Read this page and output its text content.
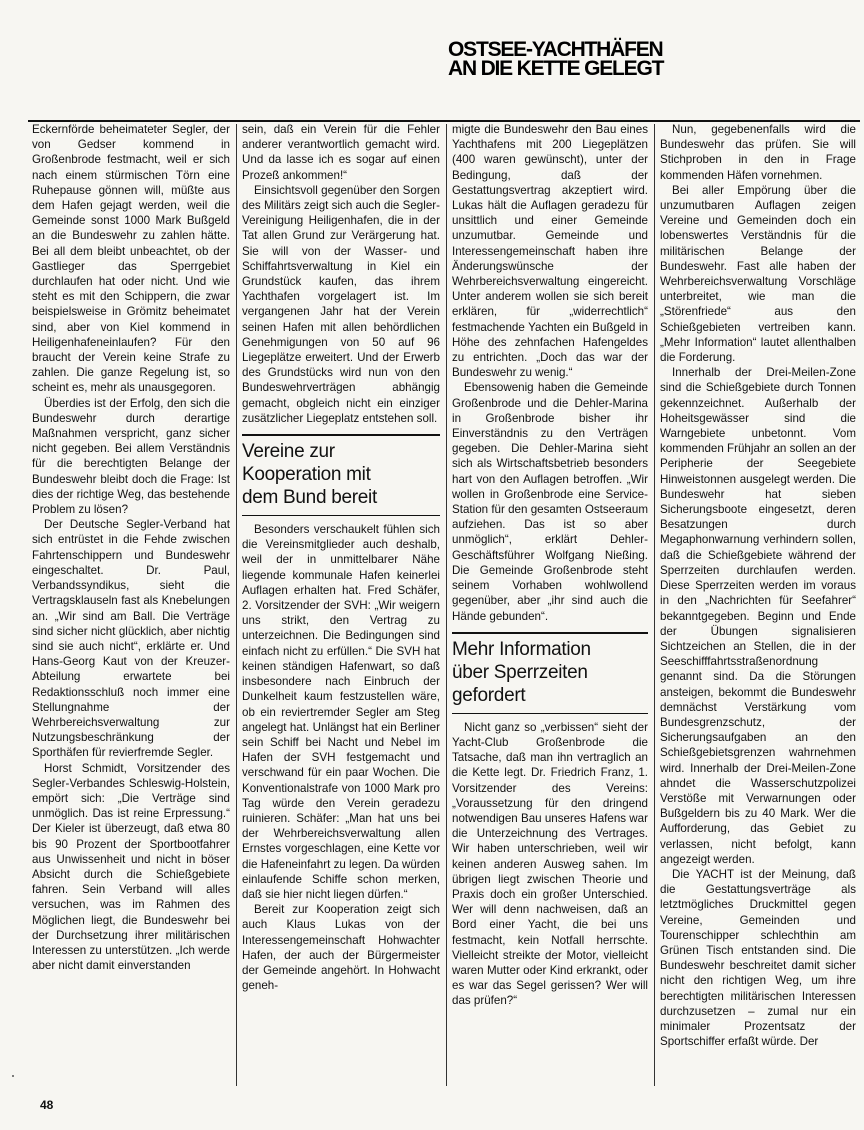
OSTSEE-YACHTHÄFEN
AN DIE KETTE GELEGT

Eckernförde beheimateter Segler, der von Gedser kommend in Großenbrode festmacht, weil er sich nach einem stürmischen Törn eine Ruhepause gönnen will, müßte aus dem Hafen gejagt werden, weil die Gemeinde sonst 1000 Mark Bußgeld an die Bundeswehr zu zahlen hätte. Bei all dem bleibt unbeachtet, ob der Gastlieger das Sperrgebiet durchlaufen hat oder nicht. Und wie steht es mit den Schippern, die zwar beispielsweise in Grömitz beheimatet sind, aber von Kiel kommend in Heiligenhafeneinlaufen? Für den braucht der Verein keine Strafe zu zahlen. Die ganze Regelung ist, so scheint es, mehr als unausgegoren.

Überdies ist der Erfolg, den sich die Bundeswehr durch derartige Maßnahmen verspricht, ganz sicher nicht gegeben. Bei allem Verständnis für die berechtigten Belange der Bundeswehr bleibt doch die Frage: Ist dies der richtige Weg, das bestehende Problem zu lösen?

Der Deutsche Segler-Verband hat sich entrüstet in die Fehde zwischen Fahrtenschippern und Bundeswehr eingeschaltet. Dr. Paul, Verbandssyndikus, sieht die Vertragsklauseln fast als Knebelungen an. „Wir sind am Ball. Die Verträge sind sicher nicht glücklich, aber nichtig sind sie auch nicht“, erklärte er. Und Hans-Georg Kaut von der Kreuzer-Abteilung erwartete bei Redaktionsschluß noch immer eine Stellungnahme der Wehrbereichsverwaltung zur Nutzungsbeschränkung der Sporthäfen für revierfremde Segler.

Horst Schmidt, Vorsitzender des Segler-Verbandes Schleswig-Holstein, empört sich: „Die Verträge sind unmöglich. Das ist reine Erpressung.“ Der Kieler ist überzeugt, daß etwa 80 bis 90 Prozent der Sportbootfahrer aus Unwissenheit und nicht in böser Absicht durch die Schießgebiete fahren. Sein Verband will alles versuchen, was im Rahmen des Möglichen liegt, die Bundeswehr bei der Durchsetzung ihrer militärischen Interessen zu unterstützen. „Ich werde aber nicht damit einverstanden

sein, daß ein Verein für die Fehler anderer verantwortlich gemacht wird. Und da lasse ich es sogar auf einen Prozeß ankommen!“

Einsichtsvoll gegenüber den Sorgen des Militärs zeigt sich auch die Segler-Vereinigung Heiligenhafen, die in der Tat allen Grund zur Verärgerung hat. Sie will von der Wasser- und Schiffahrtsverwaltung in Kiel ein Grundstück kaufen, das ihrem Yachthafen vorgelagert ist. Im vergangenen Jahr hat der Verein seinen Hafen mit allen behördlichen Genehmigungen von 50 auf 96 Liegeplätze erweitert. Und der Erwerb des Grundstücks wird nun von den Bundeswehrverträgen abhängig gemacht, obgleich nicht ein einziger zusätzlicher Liegeplatz entstehen soll.

Vereine zur
Kooperation mit
dem Bund bereit

Besonders verschaukelt fühlen sich die Vereinsmitglieder auch deshalb, weil der in unmittelbarer Nähe liegende kommunale Hafen keinerlei Auflagen erhalten hat. Fred Schäfer, 2. Vorsitzender der SVH: „Wir weigern uns strikt, den Vertrag zu unterzeichnen. Die Bedingungen sind einfach nicht zu erfüllen.“ Die SVH hat keinen ständigen Hafenwart, so daß insbesondere nach Einbruch der Dunkelheit kaum festzustellen wäre, ob ein reviertremder Segler am Steg angelegt hat. Unlängst hat ein Berliner sein Schiff bei Nacht und Nebel im Hafen der SVH festgemacht und verschwand für ein paar Wochen. Die Konventionalstrafe von 1000 Mark pro Tag würde den Verein geradezu ruinieren. Schäfer: „Man hat uns bei der Wehrbereichsverwaltung allen Ernstes vorgeschlagen, eine Kette vor die Hafeneinfahrt zu legen. Da würden einlaufende Schiffe schon merken, daß sie hier nicht liegen dürfen.“

Bereit zur Kooperation zeigt sich auch Klaus Lukas von der Interessengemeinschaft Hohwachter Hafen, der auch der Bürgermeister der Gemeinde angehört. In Hohwacht geneh-

migte die Bundeswehr den Bau eines Yachthafens mit 200 Liegeplätzen (400 waren gewünscht), unter der Bedingung, daß der Gestattungsvertrag akzeptiert wird. Lukas hält die Auflagen geradezu für unsittlich und einer Gemeinde unzumutbar. Gemeinde und Interessengemeinschaft haben ihre Änderungswünsche der Wehrbereichsverwaltung eingereicht. Unter anderem wollen sie sich bereit erklären, für „widerrechtlich“ festmachende Yachten ein Bußgeld in Höhe des zehnfachen Hafengeldes zu entrichten. „Doch das war der Bundeswehr zu wenig.“

Ebensowenig haben die Gemeinde Großenbrode und die Dehler-Marina in Großenbrode bisher ihr Einverständnis zu den Verträgen gegeben. Die Dehler-Marina sieht sich als Wirtschaftsbetrieb besonders hart von den Auflagen betroffen. „Wir wollen in Großenbrode eine Service-Station für den gesamten Ostseeraum aufziehen. Das ist so aber unmöglich“, erklärt Dehler-Geschäftsführer Wolfgang Nießing. Die Gemeinde Großenbrode steht seinem Vorhaben wohlwollend gegenüber, aber „ihr sind auch die Hände gebunden“.

Mehr Information
über Sperrzeiten
gefordert

Nicht ganz so „verbissen“ sieht der Yacht-Club Großenbrode die Tatsache, daß man ihn vertraglich an die Kette legt. Dr. Friedrich Franz, 1. Vorsitzender des Vereins: „Voraussetzung für den dringend notwendigen Bau unseres Hafens war die Unterzeichnung des Vertrages. Wir haben unterschrieben, weil wir keinen anderen Ausweg sahen. Im übrigen liegt zwischen Theorie und Praxis doch ein großer Unterschied. Wer will denn nachweisen, daß an Bord einer Yacht, die bei uns festmacht, kein Notfall herrschte. Vielleicht streikte der Motor, vielleicht waren Mutter oder Kind erkrankt, oder es war das Segel gerissen? Wer will das prüfen?“

Nun, gegebenenfalls wird die Bundeswehr das prüfen. Sie will Stichproben in den in Frage kommenden Häfen vornehmen.

Bei aller Empörung über die unzumutbaren Auflagen zeigen Vereine und Gemeinden doch ein lobenswertes Verständnis für die militärischen Belange der Bundeswehr. Fast alle haben der Wehrbereichsverwaltung Vorschläge unterbreitet, wie man die „Störenfriede“ aus den Schießgebieten vertreiben kann. „Mehr Information“ lautet allenthalben die Forderung.

Innerhalb der Drei-Meilen-Zone sind die Schießgebiete durch Tonnen gekennzeichnet. Außerhalb der Hoheitsgewässer sind die Warngebiete unbetonnt. Vom kommenden Frühjahr an sollen an der Peripherie der Seegebiete Hinweistonnen ausgelegt werden. Die Bundeswehr hat sieben Sicherungsboote eingesetzt, deren Besatzungen durch Megaphonwarnung verhindern sollen, daß die Schießgebiete während der Sperrzeiten durchlaufen werden. Diese Sperrzeiten werden im voraus in den „Nachrichten für Seefahrer“ bekanntgegeben. Beginn und Ende der Übungen signalisieren Sichtzeichen an Stellen, die in der Seeschifffahrtsstraßenordnung genannt sind. Da die Störungen ansteigen, bekommt die Bundeswehr demnächst Verstärkung vom Bundesgrenzschutz, der Sicherungsaufgaben an den Schießgebietsgrenzen wahrnehmen wird. Innerhalb der Drei-Meilen-Zone ahndet die Wasserschutzpolizei Verstöße mit Verwarnungen oder Bußgeldern bis zu 40 Mark. Wer die Aufforderung, das Gebiet zu verlassen, nicht befolgt, kann angezeigt werden.

Die YACHT ist der Meinung, daß die Gestattungsverträge als letztmögliches Druckmittel gegen Vereine, Gemeinden und Tourenschipper schlechthin am Grünen Tisch entstanden sind. Die Bundeswehr beschreitet damit sicher nicht den richtigen Weg, um ihre berechtigten militärischen Interessen durchzusetzen – zumal nur ein minimaler Prozentsatz der Sportschiffer erfaßt würde. Der

48
